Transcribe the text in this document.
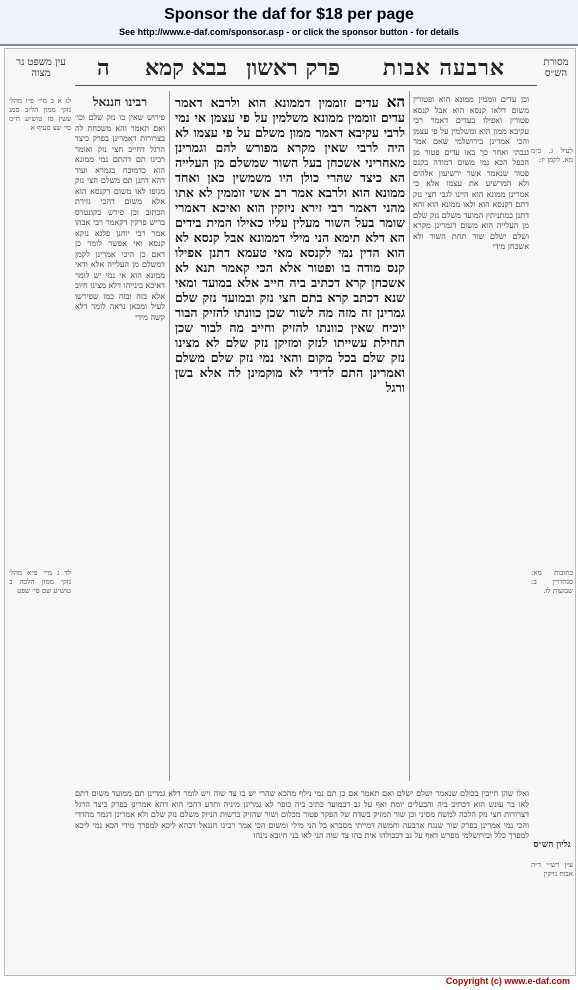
Sponsor the daf for $18 per page
See http://www.e-daf.com/sponsor.asp - or click the sponsor button - for details
מסורת הש״ס
ארבעה אבות
פרק ראשון
בבא קמא
ה
עין משפט נר מצוה
לעיל ג. ב״מ מא. לקמן יז:
כתובות מא: סנהדרין ב: שבועות לו.
גליון הש״ס
ע״ן רש״י ד״ה אבות נזיקין
לג א ב מיי׳ פ״ו מהל׳ נזקי ממון הל״ב סמג עשין סז טוש״ע ח״מ סי׳ שצ סעיף א
לד ג מיי׳ פ״א מהל׳ נזקי ממון הלכה ב טוש״ע שם סי׳ שפט
רבינו חננאל
פירוש שאין בו נזק שלם וכו׳ ואם תאמר והא משכחת לה בצרורות דאמרינן בפרק כיצד הרגל דחייב חצי נזק ואומר רבינו תם דהתם נמי ממונא הוא כדמוכח בגמרא ועוד דהא דתנן תם משלם חצי נזק מגופו לאו משום דקנסא הוא אלא משום דהכי גזירת הכתוב וכן פירש בקונטרס בריש פרקין דקאמר רבי אבהו אמר רבי יוחנן פלגא נזקא קנסא ואי אפשר לומר כן דאם כן היכי אמרינן לקמן דמשלם מן העלייה אלא ודאי ממונא הוא אי נמי יש לומר דאיכא בינייהו דלא מצינו חיוב אלא בזה ובזה כמו שפירשו לעיל ומכאן נראה לומר דלא קשה מידי
הא עדים זוממין דממונא הוא ולרבא דאמר עדים זוממין ממונא משלמין על פי עצמן אי נמי לרבי עקיבא דאמר ממון משלם על פי עצמו לא היה לרבי שאין מקרא מפורש להם וגמרינן מאחריני אשכחן בעל השור שמשלם מן העלייה הא כיצד שהרי כולן היו משמשין כאן ואחד ממונא הוא ולרבא אמר רב אשי זוממין לא אתו מהני דאמר רבי זירא ניזקין הוא ואיכא דאמרי שומר בעל השור מעלין עליו כאילו המית בידים הא דלא תימא הני מילי דממונא אבל קנסא לא הוא הדין נמי לקנסא מאי טעמא דתנן אפילו קנס מודה בו ופטור אלא הכי קאמר תנא לא אשכחן קרא דכתיב ביה חייב אלא במועד ומאי שנא דכתב קרא בתם חצי נזק ובמועד נזק שלם גמרינן זה מזה מה לשור שכן כוונתו להזיק הבור יוכיח שאין כוונתו להזיק וחייב מה לבור שכן תחילת עשייתו לנזק ומזיקן נזק שלם לא מצינו נזק שלם בכל מקום והאי נמי נזק שלם משלם ואמרינן התם לדידי לא מוקמינן לה אלא בשן ורגל
וכן עדים זוממין ממונא הוא ופטורין משום דלאו קנסא הוא אבל קנסא פטורין ואפילו בעדים דאמר רבי עקיבא ממון הוא ומשלמין על פי עצמן והכי אמרינן בירושלמי שאם אמר גנבתי ואחר כך באו עדים פטור מן הכפל הכא נמי משום דמודה בקנס פטור שנאמר אשר ירשיעון אלהים ולא המרשיע את עצמו אלא כי אמרינן ממונא הוא היינו לגבי חצי נזק דתם דקנסא הוא ולאו ממונא הוא והא דתנן במתניתין המועד משלם נזק שלם מן העלייה הוא משום דגמרינן מקרא ושלם ישלם שור תחת השור ולא אשכחן מידי
ואלו שהן חייבין בכולם שנאמר ושלם ישלם ואם תאמר אם כן תם נמי נילף מהכא שהרי יש בו צד שוה ויש לומר דלא גמרינן תם ממועד משום דתם לאו בר עונש הוא דכתיב ביה והבעלים יומת ואף על גב דבמועד כתיב ביה כופר לא גמרינן מיניה ותדע דהכי הוא דהא אמרינן בפרק כיצד הרגל דצרורות חצי נזק הלכה למשה מסיני וכן שור המזיק בשדה של הפקר פטור מכלום ושור שהזיק ברשות הניזק משלם נזק שלם ולא אמרינן דגמר מהדדי והכי נמי אמרינן בפרק שור שנגח ארבעה וחמשה דמייתי מסברא כל הני מילי ומשום הכי אמר רבינו חננאל דבהא ליכא למפרך מידי הכא נמי ליכא למפרך כלל ובירושלמי מפרש דאף על גב דבכולהו אית בהו צד שוה הני לאו בני חיובא נינהו
Copyright (c) www.e-daf.com
